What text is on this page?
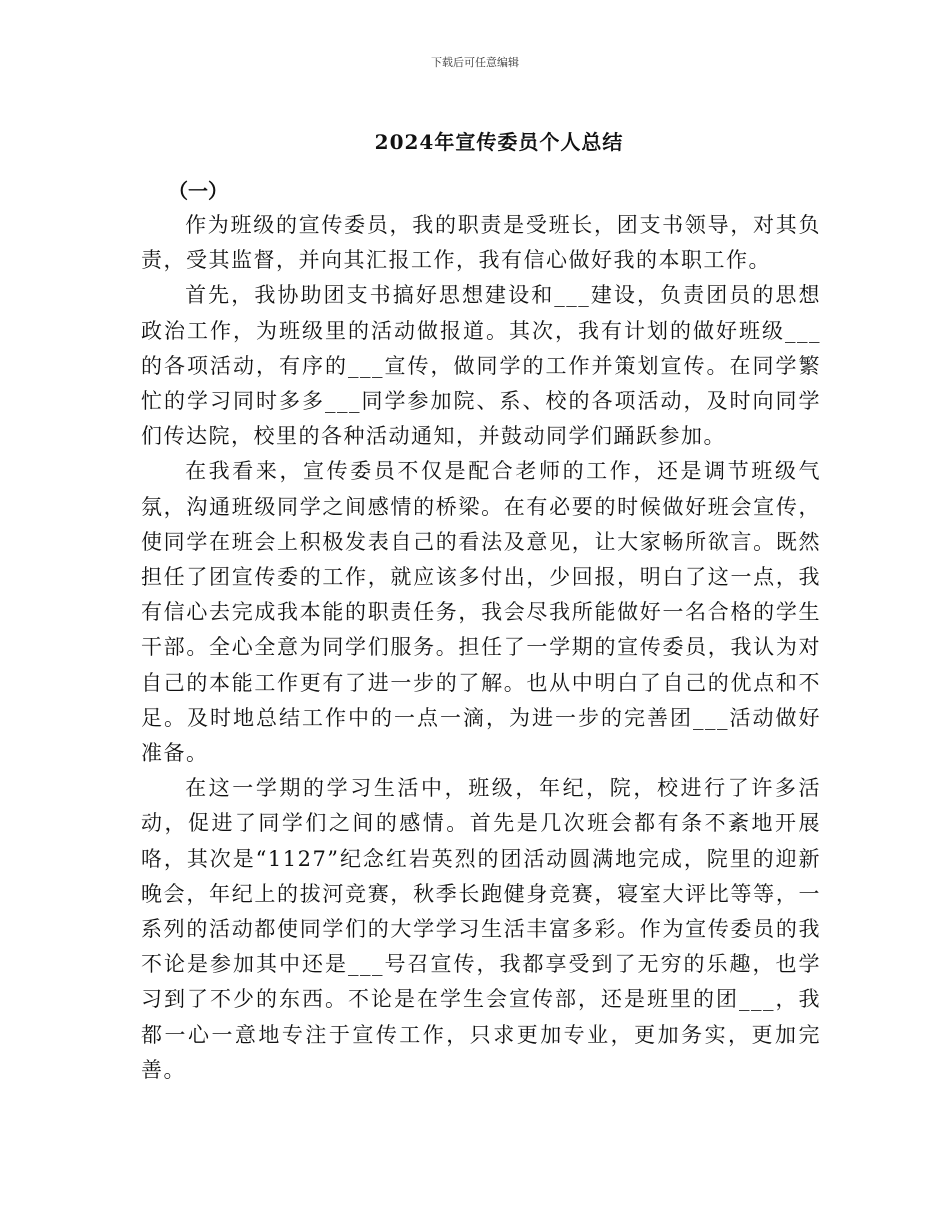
下载后可任意编辑
2024年宣传委员个人总结
（一）

作为班级的宣传委员，我的职责是受班长，团支书领导，对其负责，受其监督，并向其汇报工作，我有信心做好我的本职工作。

首先，我协助团支书搞好思想建设和___建设，负责团员的思想政治工作，为班级里的活动做报道。其次，我有计划的做好班级___的各项活动，有序的___宣传，做同学的工作并策划宣传。在同学繁忙的学习同时多多___同学参加院、系、校的各项活动，及时向同学们传达院，校里的各种活动通知，并鼓动同学们踊跃参加。

在我看来，宣传委员不仅是配合老师的工作，还是调节班级气氛，沟通班级同学之间感情的桥梁。在有必要的时候做好班会宣传，使同学在班会上积极发表自己的看法及意见，让大家畅所欲言。既然担任了团宣传委的工作，就应该多付出，少回报，明白了这一点，我有信心去完成我本能的职责任务，我会尽我所能做好一名合格的学生干部。全心全意为同学们服务。担任了一学期的宣传委员，我认为对自己的本能工作更有了进一步的了解。也从中明白了自己的优点和不足。及时地总结工作中的一点一滴，为进一步的完善团___活动做好准备。

在这一学期的学习生活中，班级，年纪，院，校进行了许多活动，促进了同学们之间的感情。首先是几次班会都有条不紊地开展咯，其次是“1127”纪念红岩英烈的团活动圆满地完成，院里的迎新晚会，年纪上的拔河竞赛，秋季长跑健身竞赛，寝室大评比等等，一系列的活动都使同学们的大学学习生活丰富多彩。作为宣传委员的我不论是参加其中还是___号召宣传，我都享受到了无穷的乐趣，也学习到了不少的东西。不论是在学生会宣传部，还是班里的团___，我都一心一意地专注于宣传工作，只求更加专业，更加务实，更加完善。
